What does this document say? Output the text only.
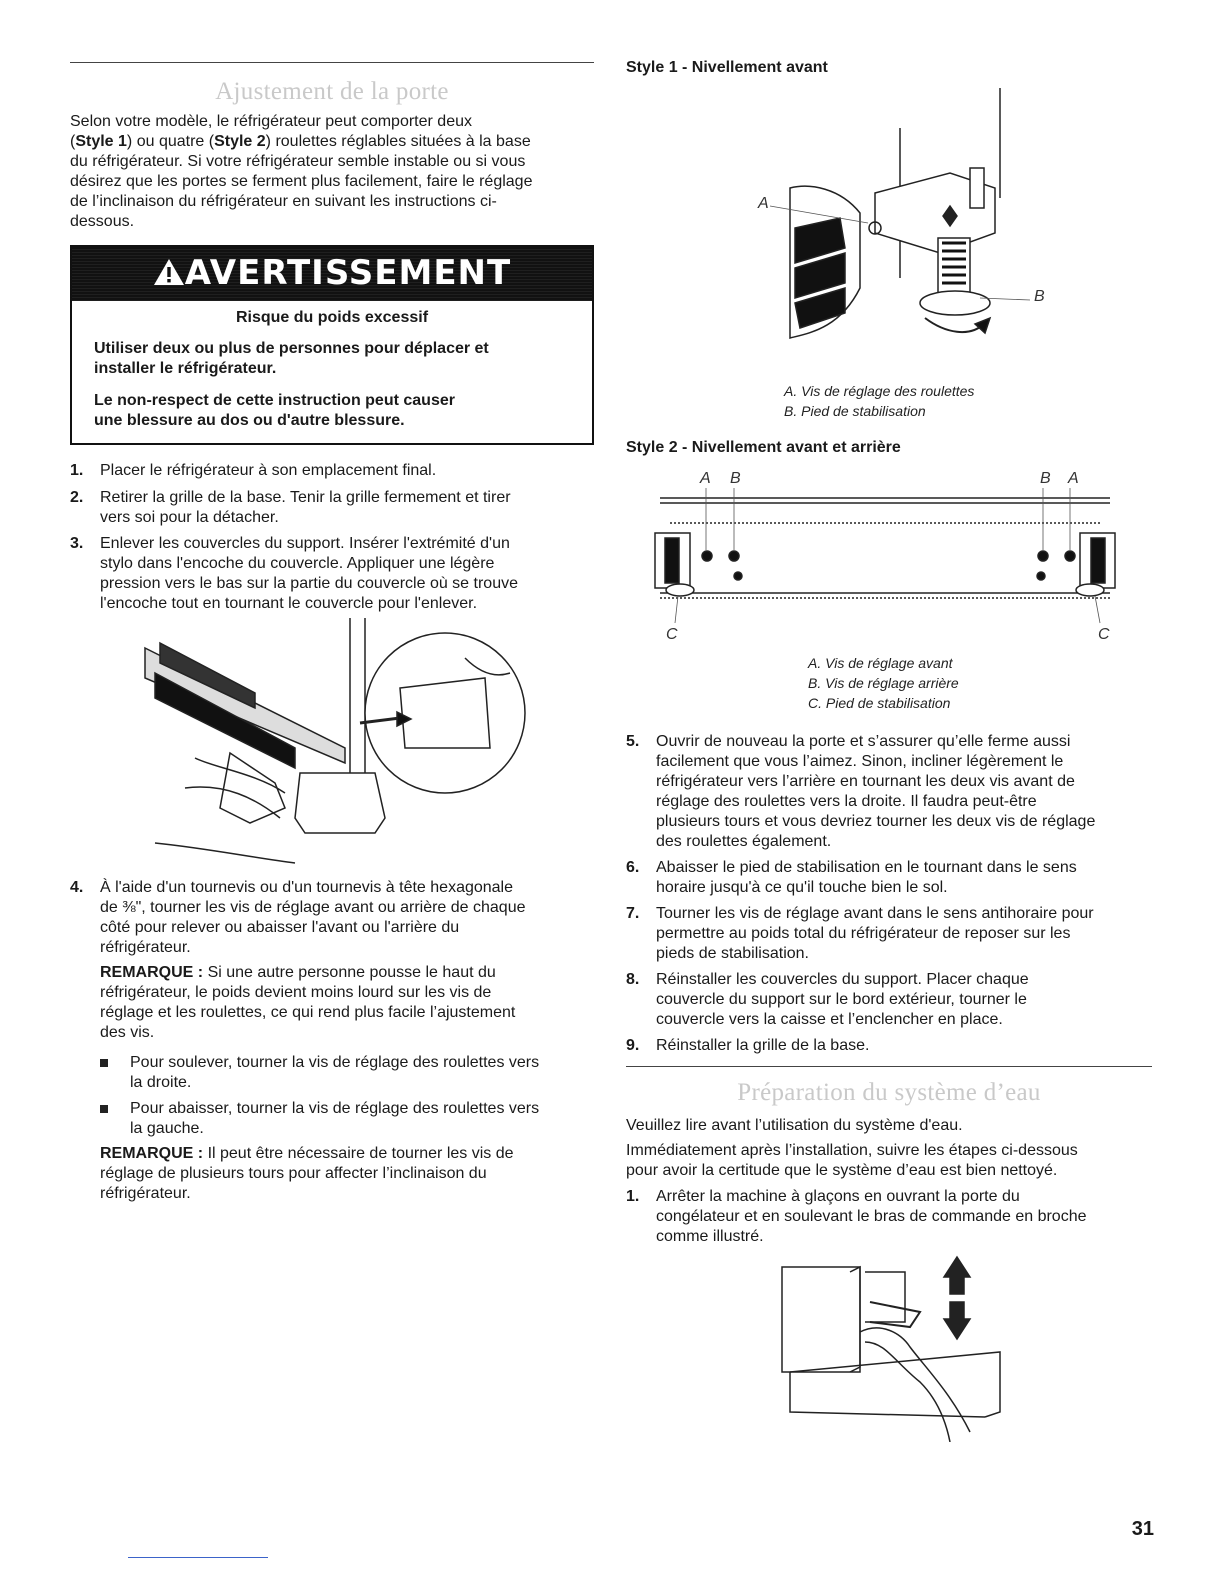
Ajustement de la porte

Selon votre modèle, le réfrigérateur peut comporter deux

(Style 1) ou quatre (Style 2) roulettes réglables situées à la base

du réfrigérateur. Si votre réfrigérateur semble instable ou si vous

désirez que les portes se ferment plus facilement, faire le réglage

de l’inclinaison du réfrigérateur en suivant les instructions ci-

dessous.

AVERTISSEMENT
Risque du poids excessif
Utiliser deux ou plus de personnes pour déplacer et
installer le réfrigérateur.
Le non-respect de cette instruction peut causer
une blessure au dos ou d'autre blessure.
1. Placer le réfrigérateur à son emplacement final.

2. Retirer la grille de la base. Tenir la grille fermement et tirer

vers soi pour la détacher.

3. Enlever les couvercles du support. Insérer l'extrémité d'un

stylo dans l'encoche du couvercle. Appliquer une légère

pression vers le bas sur la partie du couvercle où se trouve

l'encoche tout en tournant le couvercle pour l'enlever.

4. À l'aide d'un tournevis ou d'un tournevis à tête hexagonale

de ⅜", tourner les vis de réglage avant ou arrière de chaque

côté pour relever ou abaisser l'avant ou l'arrière du

réfrigérateur.

REMARQUE : Si une autre personne pousse le haut du

réfrigérateur, le poids devient moins lourd sur les vis de

réglage et les roulettes, ce qui rend plus facile l’ajustement

des vis.

Pour soulever, tourner la vis de réglage des roulettes vers

la droite.

Pour abaisser, tourner la vis de réglage des roulettes vers

la gauche.

REMARQUE : Il peut être nécessaire de tourner les vis de

réglage de plusieurs tours pour affecter l’inclinaison du

réfrigérateur.

Style 1 - Nivellement avant
A
B
A. Vis de réglage des roulettes
B. Pied de stabilisation
Style 2 - Nivellement avant et arrière
A B	B A
C	C
A. Vis de réglage avant
B. Vis de réglage arrière
C. Pied de stabilisation
5. Ouvrir de nouveau la porte et s’assurer qu’elle ferme aussi

facilement que vous l’aimez. Sinon, incliner légèrement le

réfrigérateur vers l’arrière en tournant les deux vis avant de

réglage des roulettes vers la droite. Il faudra peut-être

plusieurs tours et vous devriez tourner les deux vis de réglage

des roulettes également.

6. Abaisser le pied de stabilisation en le tournant dans le sens

horaire jusqu'à ce qu'il touche bien le sol.

7. Tourner les vis de réglage avant dans le sens antihoraire pour

permettre au poids total du réfrigérateur de reposer sur les

pieds de stabilisation.

8. Réinstaller les couvercles du support. Placer chaque

couvercle du support sur le bord extérieur, tourner le

couvercle vers la caisse et l’enclencher en place.

9. Réinstaller la grille de la base.

Préparation du système d’eau
Veuillez lire avant l’utilisation du système d'eau.

Immédiatement après l’installation, suivre les étapes ci-dessous

pour avoir la certitude que le système d’eau est bien nettoyé.

1. Arrêter la machine à glaçons en ouvrant la porte du

congélateur et en soulevant le bras de commande en broche

comme illustré.

31
